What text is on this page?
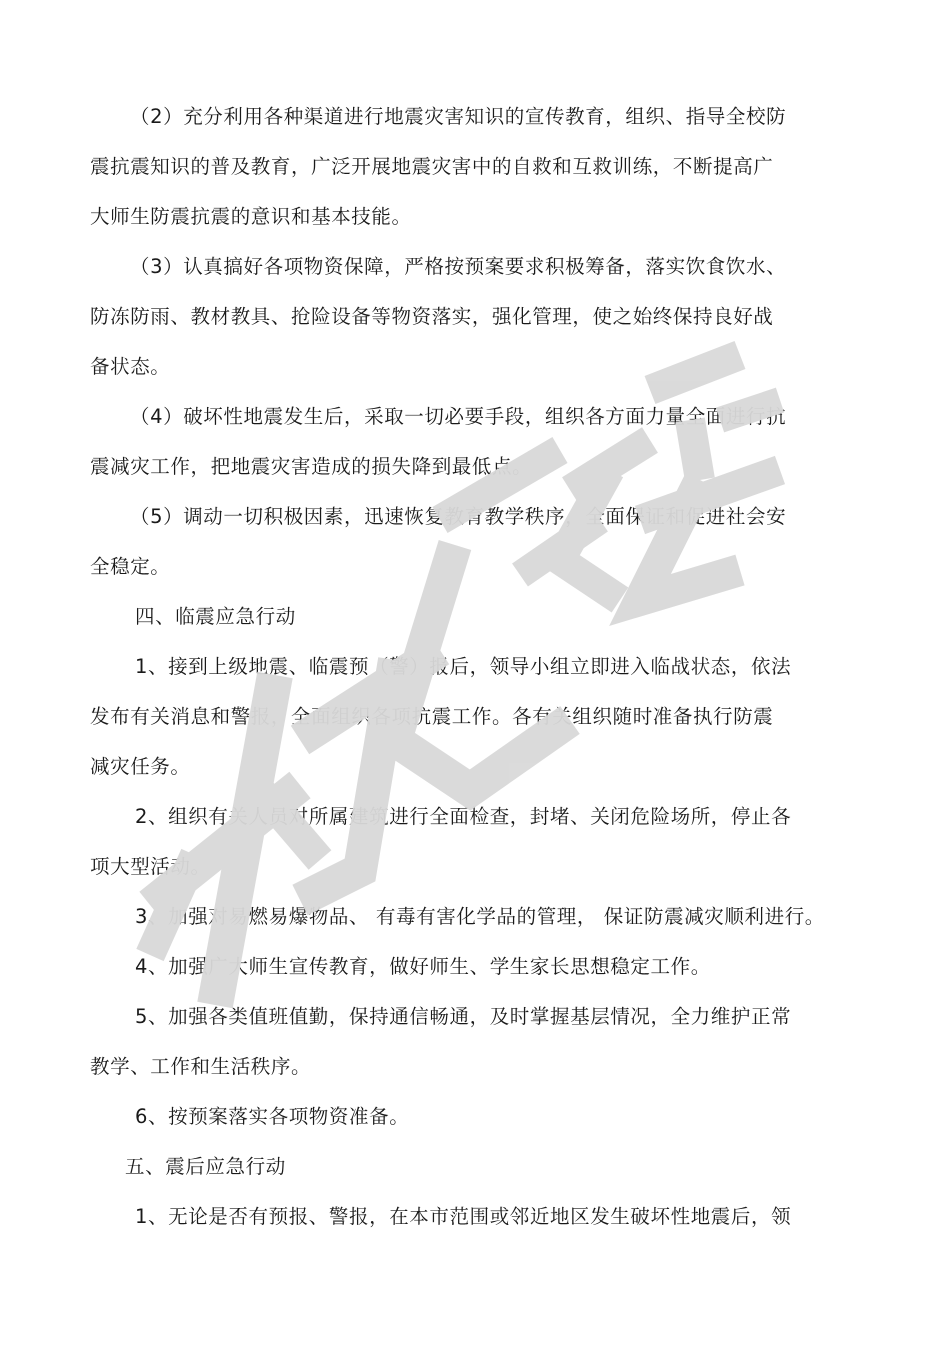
（2）充分利用各种渠道进行地震灾害知识的宣传教育，组织、指导全校防
震抗震知识的普及教育，广泛开展地震灾害中的自救和互救训练，不断提高广
大师生防震抗震的意识和基本技能。
（3）认真搞好各项物资保障，严格按预案要求积极筹备，落实饮食饮水、
防冻防雨、教材教具、抢险设备等物资落实，强化管理，使之始终保持良好战
备状态。
（4）破坏性地震发生后，采取一切必要手段，组织各方面力量全面进行抗
震减灾工作，把地震灾害造成的损失降到最低点。
（5）调动一切积极因素，迅速恢复教育教学秩序，全面保证和促进社会安
全稳定。
四、临震应急行动
1、接到上级地震、临震预（警）报后，领导小组立即进入临战状态，依法
发布有关消息和警报，全面组织各项抗震工作。各有关组织随时准备执行防震
减灾任务。
2、组织有关人员对所属建筑进行全面检查，封堵、关闭危险场所，停止各
项大型活动。
3、加强对易燃易爆物品、 有毒有害化学品的管理， 保证防震减灾顺利进行。
4、加强广大师生宣传教育，做好师生、学生家长思想稳定工作。
5、加强各类值班值勤，保持通信畅通，及时掌握基层情况，全力维护正常
教学、工作和生活秩序。
6、按预案落实各项物资准备。
五、震后应急行动
1、无论是否有预报、警报，在本市范围或邻近地区发生破坏性地震后，领
